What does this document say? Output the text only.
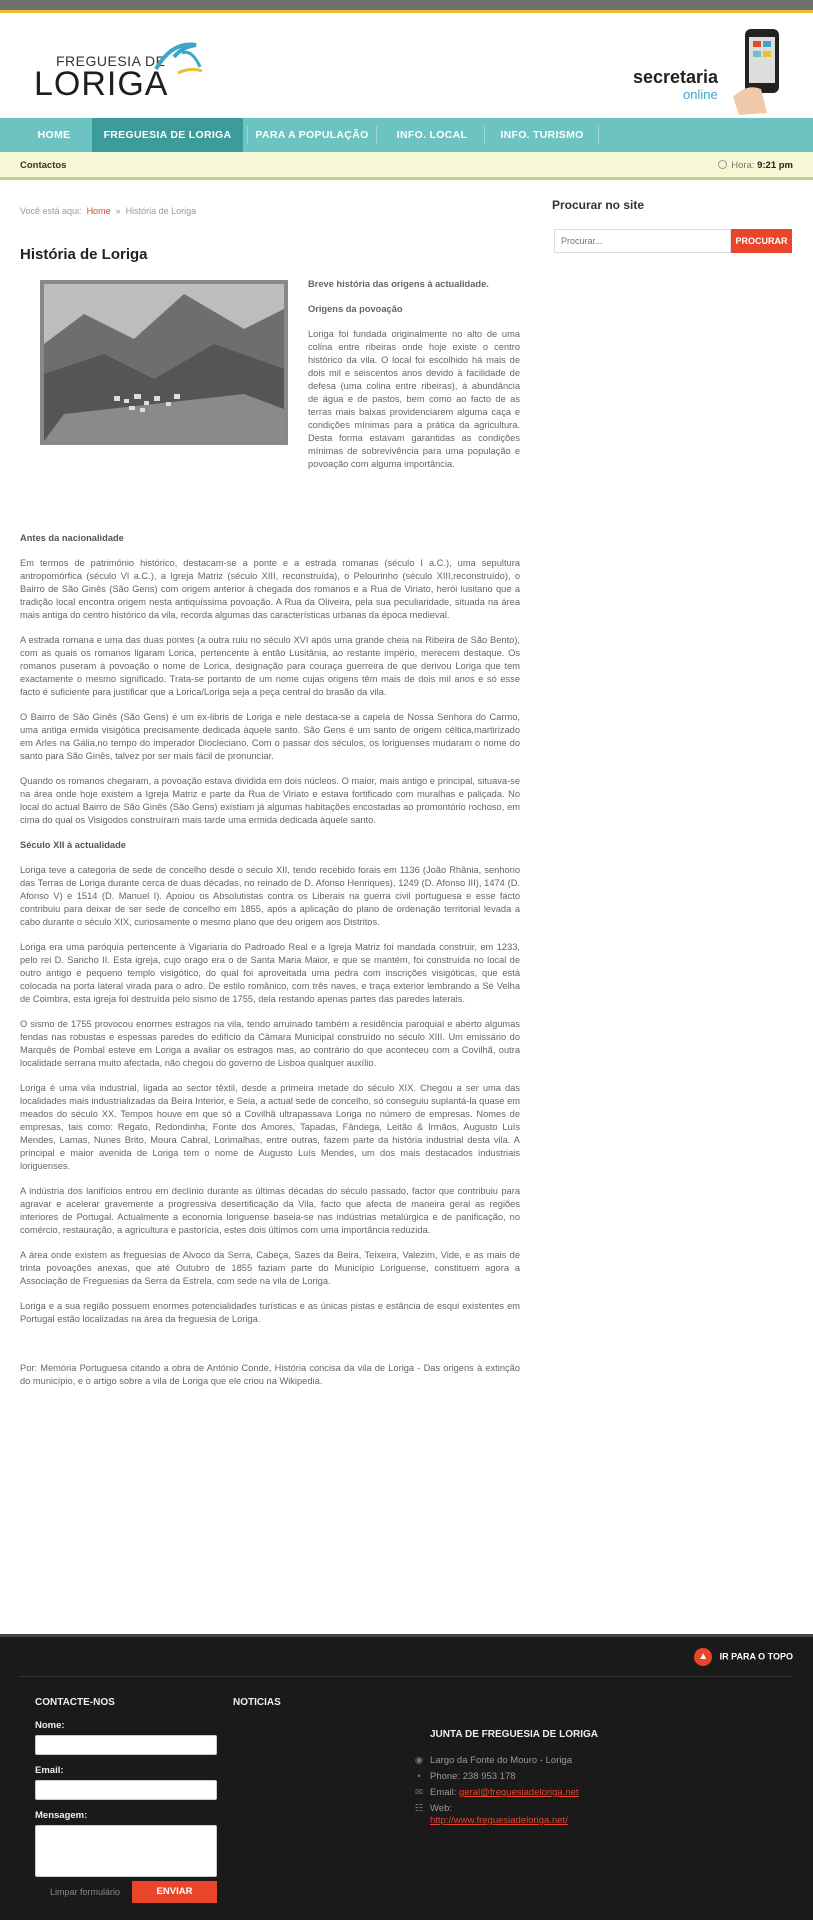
FREGUESIA DE
LORIGA	secretaria
online
HOME	FREGUESIA DE LORIGA	PARA A POPULAÇÃO	INFO. LOCAL	INFO. TURISMO
Contactos	Hora: 9:21 pm
Você está aqui: Home » História de Loriga
História de Loriga

Breve história das origens à actualidade.

Origens da povoação

Loriga foi fundada originalmente no alto de uma colina entre ribeiras onde hoje existe o centro histórico da vila. O local foi escolhido há mais de dois mil e seiscentos anos devido à facilidade de defesa (uma colina entre ribeiras), à abundância de água e de pastos, bem como ao facto de as terras mais baixas providenciarem alguma caça e condições mínimas para a prática da agricultura. Desta forma estavam garantidas as condições mínimas de sobrevivência para uma população e povoação com alguma importância.

Antes da nacionalidade

Em termos de património histórico, destacam-se a ponte e a estrada romanas (século I a.C.), uma sepultura antropomórfica (século VI a.C.), a Igreja Matriz (século XIII, reconstruída), o Pelourinho (século XIII,reconstruído), o Bairro de São Ginês (São Gens) com origem anterior à chegada dos romanos e a Rua de Viriato, herói lusitano que a tradição local encontra origem nesta antiquíssima povoação. A Rua da Oliveira, pela sua peculiaridade, situada na área mais antiga do centro histórico da vila, recorda algumas das características urbanas da época medieval.

A estrada romana e uma das duas pontes (a outra ruiu no século XVI após uma grande cheia na Ribeira de São Bento), com as quais os romanos ligaram Lorica, pertencente à então Lusitânia, ao restante império, merecem destaque. Os romanos puseram à povoação o nome de Lorica, designação para couraça guerreira de que derivou Loriga que tem exactamente o mesmo significado. Trata-se portanto de um nome cujas origens têm mais de dois mil anos e só esse facto é suficiente para justificar que a Lorica/Loriga seja a peça central do brasão da vila.

O Bairro de São Ginês (São Gens) é um ex-libris de Loriga e nele destaca-se a capela de Nossa Senhora do Carmo, uma antiga ermida visigótica precisamente dedicada àquele santo. São Gens é um santo de origem céltica,martirizado em Arles na Gália,no tempo do imperador Diocleciano. Com o passar dos séculos, os loriguenses mudaram o nome do santo para São Ginês, talvez por ser mais fácil de pronunciar.

Quando os romanos chegaram, a povoação estava dividida em dois núcleos. O maior, mais antigo e principal, situava-se na área onde hoje existem a Igreja Matriz e parte da Rua de Viriato e estava fortificado com muralhas e paliçada. No local do actual Bairro de São Ginês (São Gens) existiam já algumas habitações encostadas ao promontório rochoso, em cima do qual os Visigodos construíram mais tarde uma ermida dedicada àquele santo.

Século XII à actualidade

Loriga teve a categoria de sede de concelho desde o século XII, tendo recebido forais em 1136 (João Rhânia, senhorio das Terras de Loriga durante cerca de duas décadas, no reinado de D. Afonso Henriques), 1249 (D. Afonso III), 1474 (D. Afonso V) e 1514 (D. Manuel I). Apoiou os Absolutistas contra os Liberais na guerra civil portuguesa e esse facto contribuiu para deixar de ser sede de concelho em 1855, após a aplicação do plano de ordenação territorial levada a cabo durante o século XIX, curiosamente o mesmo plano que deu origem aos Distritos.

Loriga era uma paróquia pertencente à Vigariaria do Padroado Real e a Igreja Matriz foi mandada construir, em 1233, pelo rei D. Sancho II. Esta igreja, cujo orago era o de Santa Maria Maior, e que se mantém, foi construída no local de outro antigo e pequeno templo visigótico, do qual foi aproveitada uma pedra com inscrições visigóticas, que está colocada na porta lateral virada para o adro. De estilo românico, com três naves, e traça exterior lembrando a Sé Velha de Coimbra, esta igreja foi destruída pelo sismo de 1755, dela restando apenas partes das paredes laterais.

O sismo de 1755 provocou enormes estragos na vila, tendo arruinado também a residência paroquial e aberto algumas fendas nas robustas e espessas paredes do edifício da Câmara Municipal construído no século XIII. Um emissário do Marquês de Pombal esteve em Loriga a avaliar os estragos mas, ao contrário do que aconteceu com a Covilhã, outra localidade serrana muito afectada, não chegou do governo de Lisboa qualquer auxílio.

Loriga é uma vila industrial, ligada ao sector têxtil, desde a primeira metade do século XIX. Chegou a ser uma das localidades mais industrializadas da Beira Interior, e Seia, a actual sede de concelho, só conseguiu suplantá-la quase em meados do século XX. Tempos houve em que só a Covilhã ultrapassava Loriga no número de empresas. Nomes de empresas, tais como: Regato, Redondinha, Fonte dos Amores, Tapadas, Fândega, Leitão & Irmãos, Augusto Luís Mendes, Lamas, Nunes Brito, Moura Cabral, Lorimalhas, entre outras, fazem parte da história industrial desta vila. A principal e maior avenida de Loriga tem o nome de Augusto Luís Mendes, um dos mais destacados industriais loriguenses.

A indústria dos lanifícios entrou em declínio durante as últimas décadas do século passado, factor que contribuiu para agravar e acelerar gravemente a progressiva desertificação da Vila, facto que afecta de maneira geral as regiões interiores de Portugal. Actualmente a economia loriguense baseia-se nas indústrias metalúrgica e de panificação, no comércio, restauração, a agricultura e pastorícia, estes dois últimos com uma importância reduzida.

A área onde existem as freguesias de Alvoco da Serra, Cabeça, Sazes da Beira, Teixeira, Valezim, Vide, e as mais de trinta povoações anexas, que até Outubro de 1855 faziam parte do Município Loriguense, constituem agora a Associação de Freguesias da Serra da Estrela, com sede na vila de Loriga.

Loriga e a sua região possuem enormes potencialidades turísticas e as únicas pistas e estância de esqui existentes em Portugal estão localizadas na área da freguesia de Loriga.

Por: Memória Portuguesa citando a obra de António Conde, História concisa da vila de Loriga - Das origens à extinção do município, e o artigo sobre a vila de Loriga que ele criou na Wikipedia.

Procurar no site
Procurar...
PROCURAR
▲ IR PARA O TOPO
CONTACTE-NOS	NOTICIAS
Nome:
Email:
Mensagem:
Limpar formulário	ENVIAR
JUNTA DE FREGUESIA DE LORIGA
◉ Largo da Fonte do Mouro - Loriga
• Phone: 238 953 178
✉ Email: geral@freguesiadeloriga.net
☷ Web:
http://www.freguesiadeloriga.net/
